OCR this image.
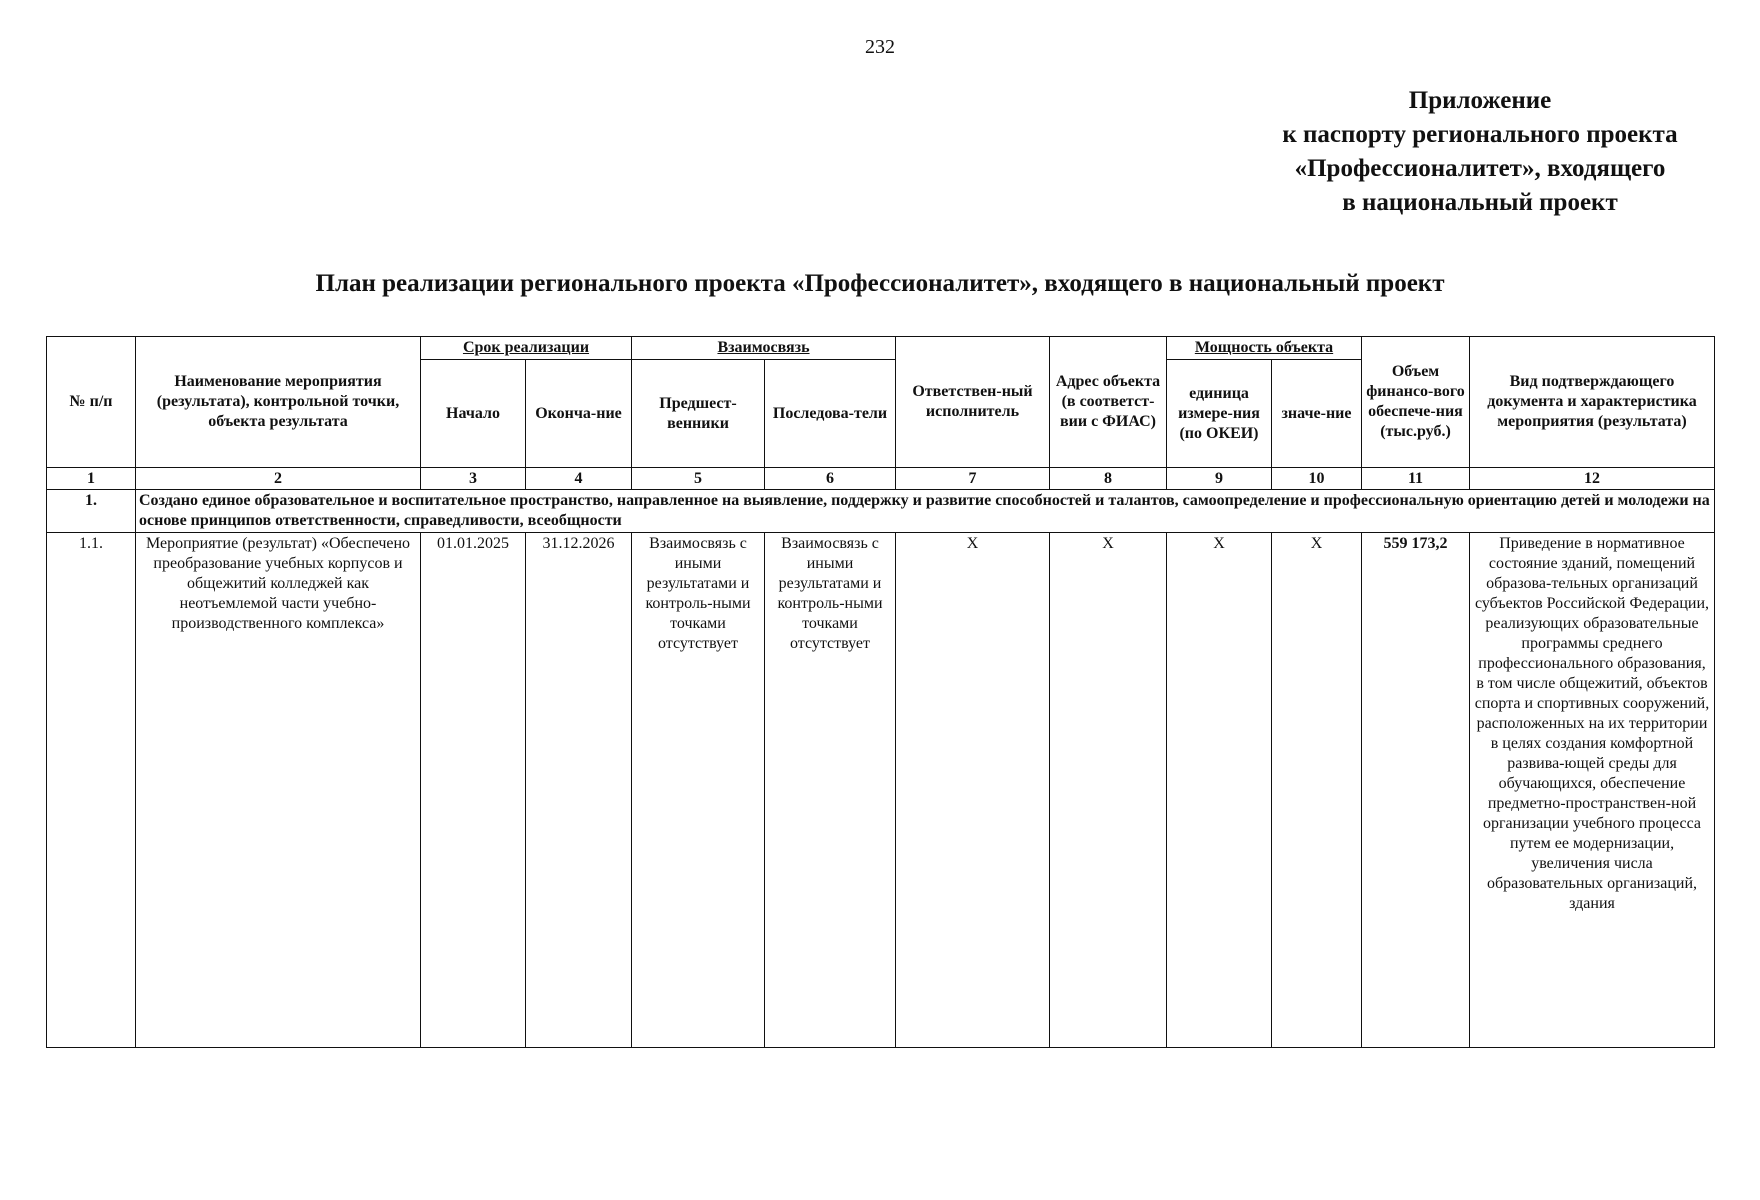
232
Приложение
к паспорту регионального проекта
«Профессионалитет», входящего
в национальный проект
План реализации регионального проекта «Профессионалитет», входящего в национальный проект
№ п/п	Наименование мероприятия (результата), контрольной точки, объекта результата	Срок реализации		Взаимосвязь		Ответствен-ный исполнитель	Адрес объекта (в соответст-вии с ФИАС)	Мощность объекта		Объем финансо-вого обеспече-ния (тыс.руб.)	Вид подтверждающего документа и характеристика мероприятия (результата)
		Начало	Оконча-ние	Предшест-венники	Последова-тели			единица измере-ния (по ОКЕИ)	значе-ние		
1	2	3	4	5	6	7	8	9	10	11	12
1.	Создано единое образовательное и воспитательное пространство, направленное на выявление, поддержку и развитие способностей и талантов, самоопределение и профессиональную ориентацию детей и молодежи на основе принципов ответственности, справедливости, всеобщности										
1.1.	Мероприятие (результат) «Обеспечено преобразование учебных корпусов и общежитий колледжей как неотъемлемой части учебно-производственного комплекса»	01.01.2025	31.12.2026	Взаимосвязь с иными результатами и контроль-ными точками отсутствует	Взаимосвязь с иными результатами и контроль-ными точками отсутствует	Х	Х	Х	Х	559 173,2	Приведение в нормативное состояние зданий, помещений образова-тельных организаций субъектов Российской Федерации, реализующих образовательные программы среднего профессионального образования, в том числе общежитий, объектов спорта и спортивных сооружений, расположенных на их территории в целях создания комфортной развива-ющей среды для обучающихся, обеспечение предметно-пространствен-ной организации учебного процесса путем ее модернизации, увеличения числа образовательных организаций, здания
